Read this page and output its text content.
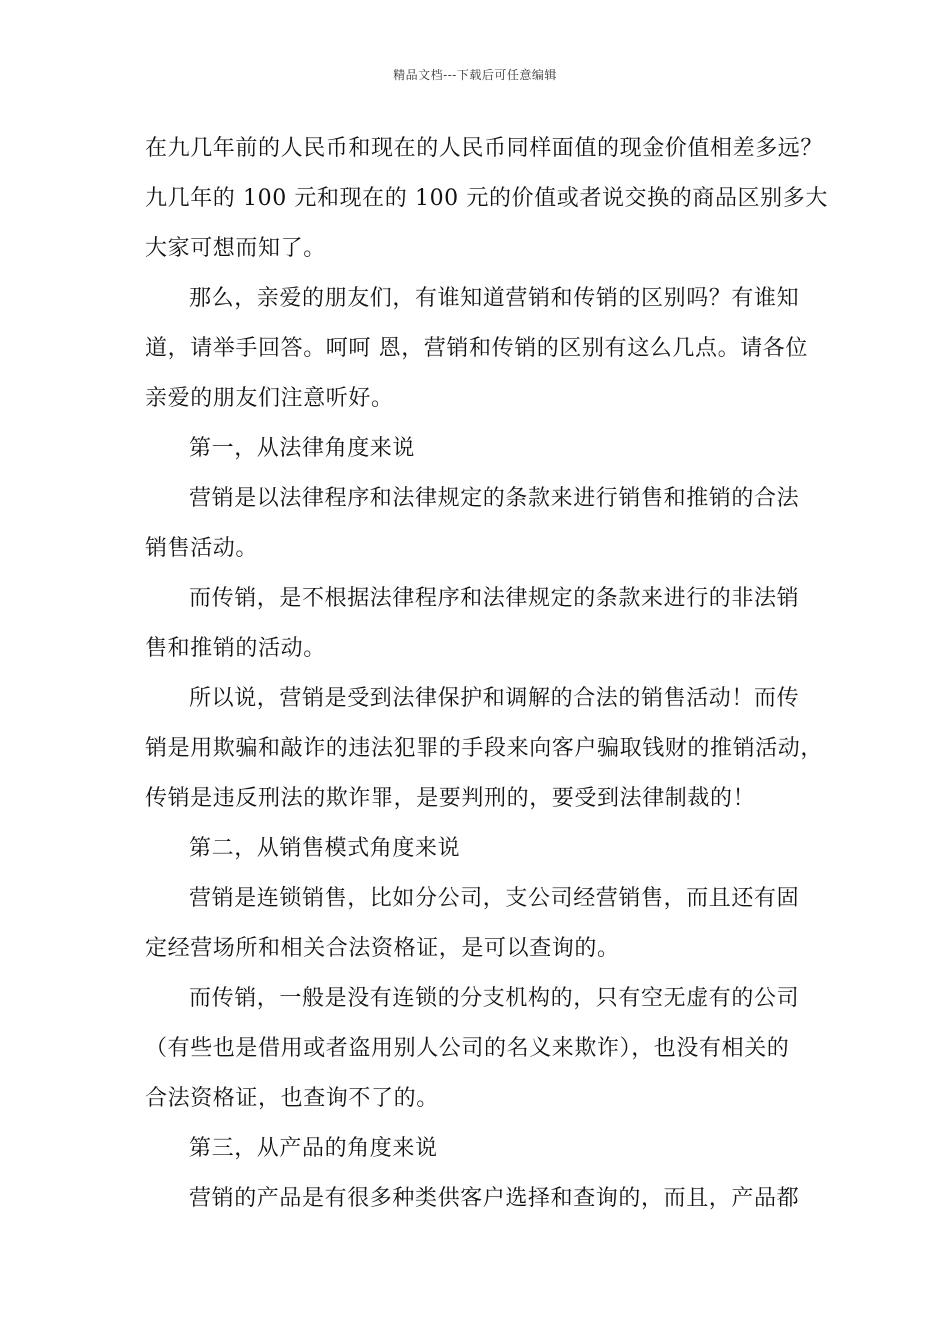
精品文档---下载后可任意编辑
在九几年前的人民币和现在的人民币同样面值的现金价值相差多远？
九几年的 100 元和现在的 100 元的价值或者说交换的商品区别多大
大家可想而知了。
那么，亲爱的朋友们，有谁知道营销和传销的区别吗？有谁知
道，请举手回答。呵呵 恩，营销和传销的区别有这么几点。请各位
亲爱的朋友们注意听好。
第一，从法律角度来说
营销是以法律程序和法律规定的条款来进行销售和推销的合法
销售活动。
而传销，是不根据法律程序和法律规定的条款来进行的非法销
售和推销的活动。
所以说，营销是受到法律保护和调解的合法的销售活动！而传
销是用欺骗和敲诈的违法犯罪的手段来向客户骗取钱财的推销活动，
传销是违反刑法的欺诈罪，是要判刑的，要受到法律制裁的！
第二，从销售模式角度来说
营销是连锁销售，比如分公司，支公司经营销售，而且还有固
定经营场所和相关合法资格证，是可以查询的。
而传销，一般是没有连锁的分支机构的，只有空无虚有的公司
（有些也是借用或者盗用别人公司的名义来欺诈），也没有相关的
合法资格证，也查询不了的。
第三，从产品的角度来说
营销的产品是有很多种类供客户选择和查询的，而且，产品都
